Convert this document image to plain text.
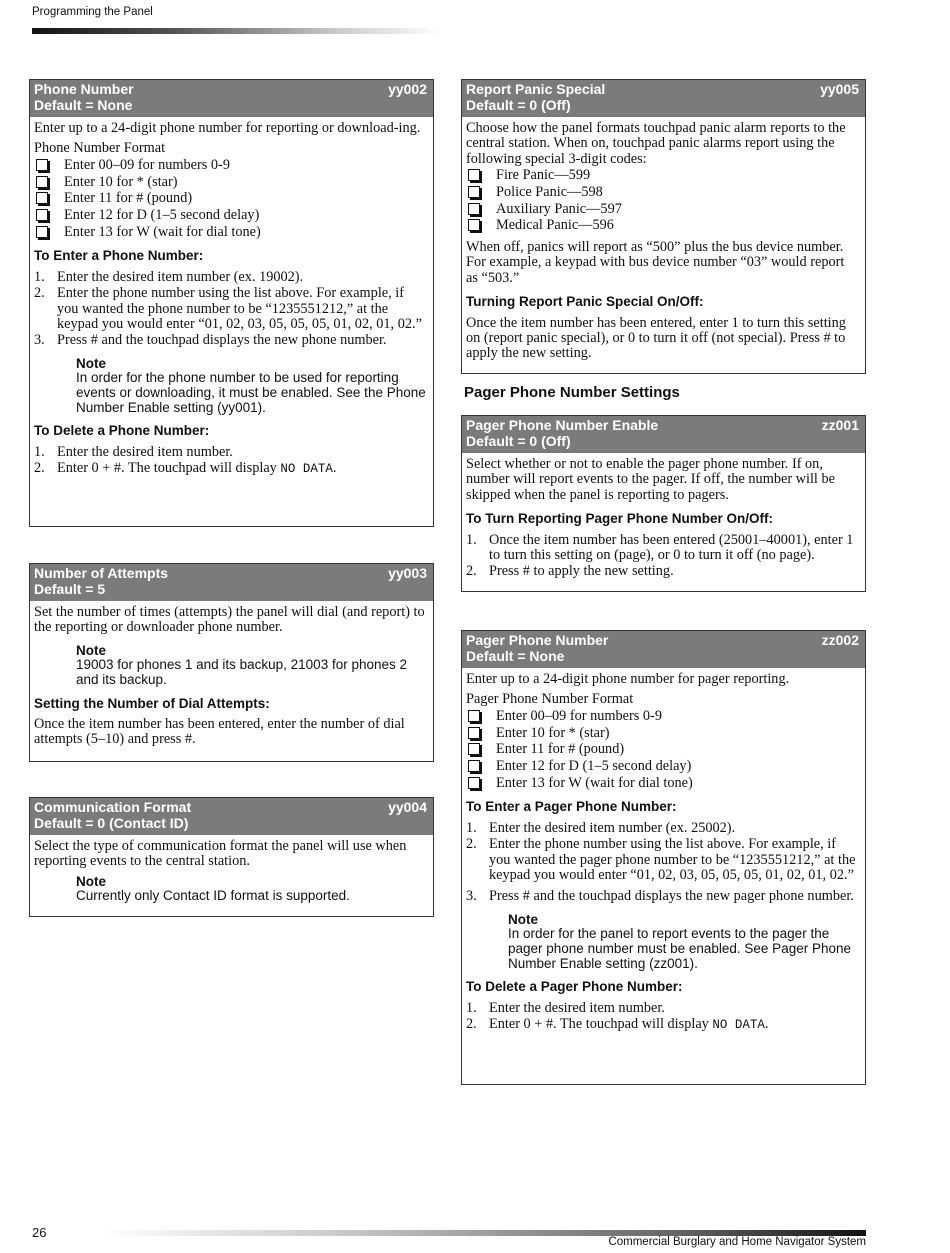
Programming the Panel
Phone Number
Default = None
yy002

Enter up to a 24-digit phone number for reporting or download-ing.

Phone Number Format

Enter 00–09 for numbers 0-9
Enter 10 for * (star)
Enter 11 for # (pound)
Enter 12 for D (1–5 second delay)
Enter 13 for W (wait for dial tone)
To Enter a Phone Number:
1. Enter the desired item number (ex. 19002).
2. Enter the phone number using the list above. For example, if you wanted the phone number to be “1235551212,” at the keypad you would enter “01, 02, 03, 05, 05, 05, 01, 02, 01, 02.”
3. Press # and the touchpad displays the new phone number.
Note
In order for the phone number to be used for reporting events or downloading, it must be enabled. See the Phone Number Enable setting (yy001).
To Delete a Phone Number:
1. Enter the desired item number.
2. Enter 0 + #. The touchpad will display NO DATA.
Number of Attempts
Default = 5
yy003

Set the number of times (attempts) the panel will dial (and report) to the reporting or downloader phone number.

Note
19003 for phones 1 and its backup, 21003 for phones 2 and its backup.
Setting the Number of Dial Attempts:

Once the item number has been entered, enter the number of dial attempts (5–10) and press #.

Communication Format
Default = 0 (Contact ID)
yy004

Select the type of communication format the panel will use when reporting events to the central station.

Note
Currently only Contact ID format is supported.
Report Panic Special
Default = 0 (Off)
yy005

Choose how the panel formats touchpad panic alarm reports to the central station. When on, touchpad panic alarms report using the following special 3-digit codes:

Fire Panic—599
Police Panic—598
Auxiliary Panic—597
Medical Panic—596

When off, panics will report as “500” plus the bus device number. For example, a keypad with bus device number “03” would report as “503.”

Turning Report Panic Special On/Off:

Once the item number has been entered, enter 1 to turn this setting on (report panic special), or 0 to turn it off (not special). Press # to apply the new setting.

Pager Phone Number Settings
Pager Phone Number Enable
Default = 0 (Off)
zz001

Select whether or not to enable the pager phone number. If on, number will report events to the pager. If off, the number will be skipped when the panel is reporting to pagers.

To Turn Reporting Pager Phone Number On/Off:
1. Once the item number has been entered (25001–40001), enter 1 to turn this setting on (page), or 0 to turn it off (no page).
2. Press # to apply the new setting.
Pager Phone Number
Default = None
zz002

Enter up to a 24-digit phone number for pager reporting.

Pager Phone Number Format

Enter 00–09 for numbers 0-9
Enter 10 for * (star)
Enter 11 for # (pound)
Enter 12 for D (1–5 second delay)
Enter 13 for W (wait for dial tone)
To Enter a Pager Phone Number:
1. Enter the desired item number (ex. 25002).
2. Enter the phone number using the list above. For example, if you wanted the pager phone number to be “1235551212,” at the keypad you would enter “01, 02, 03, 05, 05, 05, 01, 02, 01, 02.”
3. Press # and the touchpad displays the new pager phone number.
Note
In order for the panel to report events to the pager the pager phone number must be enabled. See Pager Phone Number Enable setting (zz001).
To Delete a Pager Phone Number:
1. Enter the desired item number.
2. Enter 0 + #. The touchpad will display NO DATA.
26
Commercial Burglary and Home Navigator System
